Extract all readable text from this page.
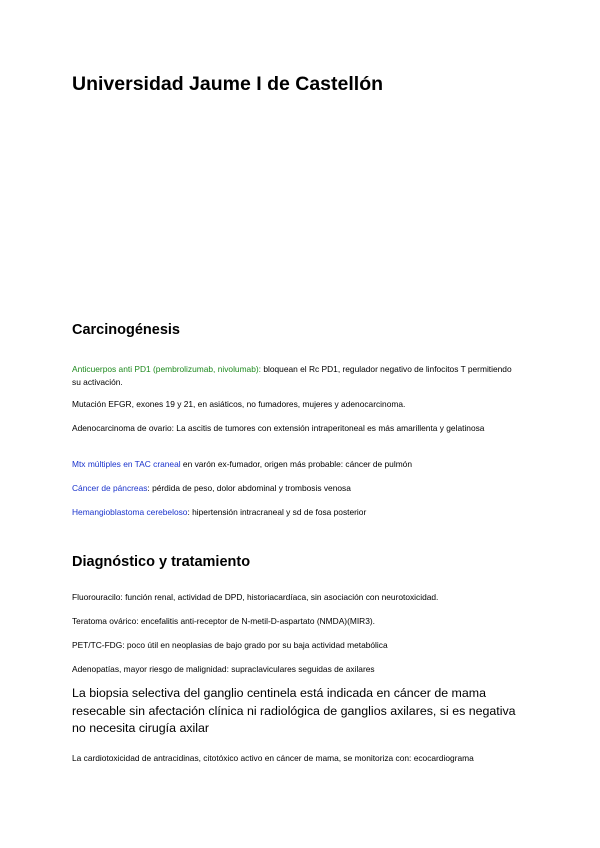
Universidad Jaume I de Castellón
Carcinogénesis

Anticuerpos anti PD1 (pembrolizumab, nivolumab): bloquean el Rc PD1, regulador negativo de linfocitos T permitiendo su activación.

Mutación EFGR, exones 19 y 21, en asiáticos, no fumadores, mujeres y adenocarcinoma.

Adenocarcinoma de ovario: La ascitis de tumores con extensión intraperitoneal es más amarillenta y gelatinosa

Mtx múltiples en TAC craneal en varón ex-fumador, origen más probable: cáncer de pulmón

Cáncer de páncreas: pérdida de peso, dolor abdominal y trombosis venosa

Hemangioblastoma cerebeloso: hipertensión intracraneal y sd de fosa posterior

Diagnóstico y tratamiento

Fluorouracilo: función renal, actividad de DPD, historiacardíaca, sin asociación con neurotoxicidad.

Teratoma ovárico: encefalitis anti-receptor de N-metil-D-aspartato (NMDA)(MIR3).

PET/TC-FDG: poco útil en neoplasias de bajo grado por su baja actividad metabólica

Adenopatías, mayor riesgo de malignidad: supraclaviculares seguidas de axilares

La biopsia selectiva del ganglio centinela está indicada en cáncer de mama resecable sin afectación clínica ni radiológica de ganglios axilares, si es negativa no necesita cirugía axilar

La cardiotoxicidad de antracidinas, citotóxico activo en cáncer de mama, se monitoriza con: ecocardiograma
